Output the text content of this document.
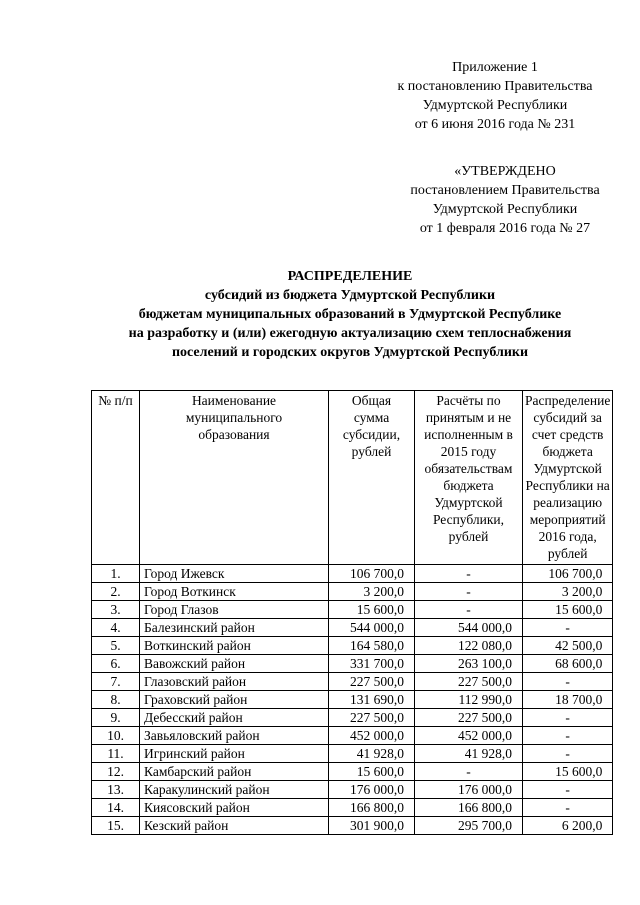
Приложение 1
к постановлению Правительства
Удмуртской Республики
от 6 июня 2016 года № 231
«УТВЕРЖДЕНО
постановлением Правительства
Удмуртской Республики
от 1 февраля 2016 года № 27
РАСПРЕДЕЛЕНИЕ
субсидий из бюджета Удмуртской Республики
бюджетам муниципальных образований в Удмуртской Республике
на разработку и (или) ежегодную актуализацию схем теплоснабжения
поселений и городских округов Удмуртской Республики
№ п/п	Наименование муниципального образования	Общая сумма субсидии, рублей	Расчёты по принятым и не исполненным в 2015 году обязательствам бюджета Удмуртской Республики, рублей	Распределение субсидий за счет средств бюджета Удмуртской Республики на реализацию мероприятий 2016 года, рублей
1.	Город Ижевск	106 700,0	-	106 700,0
2.	Город Воткинск	3 200,0	-	3 200,0
3.	Город Глазов	15 600,0	-	15 600,0
4.	Балезинский район	544 000,0	544 000,0	-
5.	Воткинский район	164 580,0	122 080,0	42 500,0
6.	Вавожский район	331 700,0	263 100,0	68 600,0
7.	Глазовский район	227 500,0	227 500,0	-
8.	Граховский район	131 690,0	112 990,0	18 700,0
9.	Дебесский район	227 500,0	227 500,0	-
10.	Завьяловский район	452 000,0	452 000,0	-
11.	Игринский район	41 928,0	41 928,0	-
12.	Камбарский район	15 600,0	-	15 600,0
13.	Каракулинский район	176 000,0	176 000,0	-
14.	Киясовский район	166 800,0	166 800,0	-
15.	Кезский район	301 900,0	295 700,0	6 200,0
